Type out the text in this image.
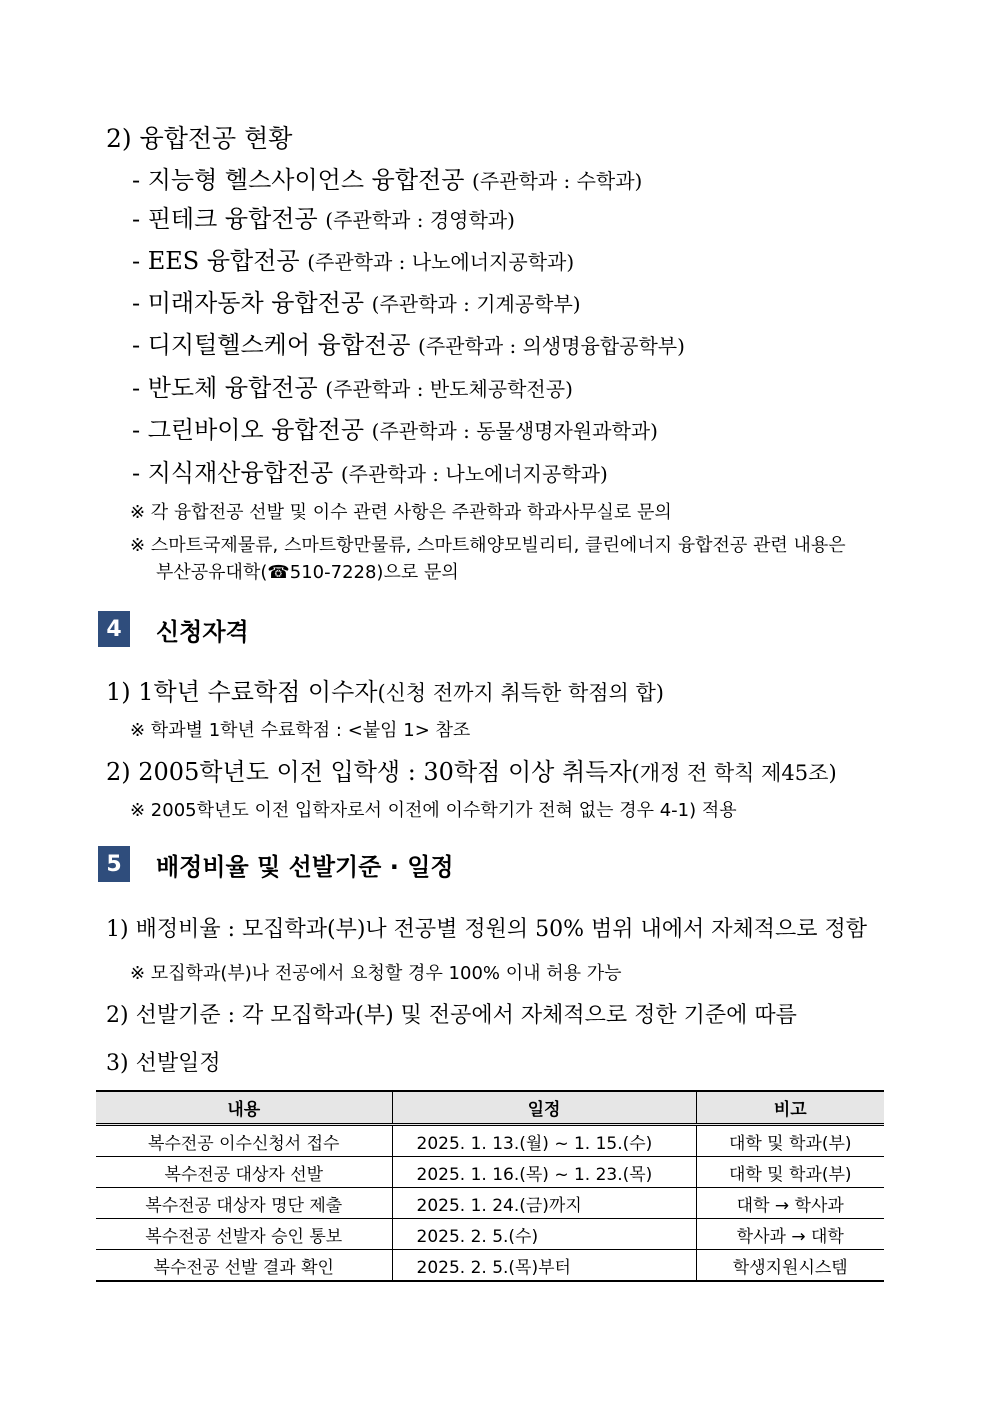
2) 융합전공 현황
- 지능형 헬스사이언스 융합전공 (주관학과 : 수학과)
- 핀테크 융합전공 (주관학과 : 경영학과)
- EES 융합전공 (주관학과 : 나노에너지공학과)
- 미래자동차 융합전공 (주관학과 : 기계공학부)
- 디지털헬스케어 융합전공 (주관학과 : 의생명융합공학부)
- 반도체 융합전공 (주관학과 : 반도체공학전공)
- 그린바이오 융합전공 (주관학과 : 동물생명자원과학과)
- 지식재산융합전공 (주관학과 : 나노에너지공학과)
※ 각 융합전공 선발 및 이수 관련 사항은 주관학과 학과사무실로 문의
※ 스마트국제물류, 스마트항만물류, 스마트해양모빌리티, 클린에너지 융합전공 관련 내용은
부산공유대학(☎510-7228)으로 문의
4	신청자격
1) 1학년 수료학점 이수자(신청 전까지 취득한 학점의 합)
※ 학과별 1학년 수료학점 : <붙임 1> 참조
2) 2005학년도 이전 입학생 : 30학점 이상 취득자(개정 전 학칙 제45조)
※ 2005학년도 이전 입학자로서 이전에 이수학기가 전혀 없는 경우 4-1) 적용
5	배정비율 및 선발기준 · 일정
1) 배정비율 : 모집학과(부)나 전공별 정원의 50% 범위 내에서 자체적으로 정함
※ 모집학과(부)나 전공에서 요청할 경우 100% 이내 허용 가능
2) 선발기준 : 각 모집학과(부) 및 전공에서 자체적으로 정한 기준에 따름
3) 선발일정
내용	일정	비고
복수전공 이수신청서 접수	2025. 1. 13.(월) ~ 1. 15.(수)	대학 및 학과(부)
복수전공 대상자 선발	2025. 1. 16.(목) ~ 1. 23.(목)	대학 및 학과(부)
복수전공 대상자 명단 제출	2025. 1. 24.(금)까지	대학 → 학사과
복수전공 선발자 승인 통보	2025. 2. 5.(수)	학사과 → 대학
복수전공 선발 결과 확인	2025. 2. 5.(목)부터	학생지원시스템
